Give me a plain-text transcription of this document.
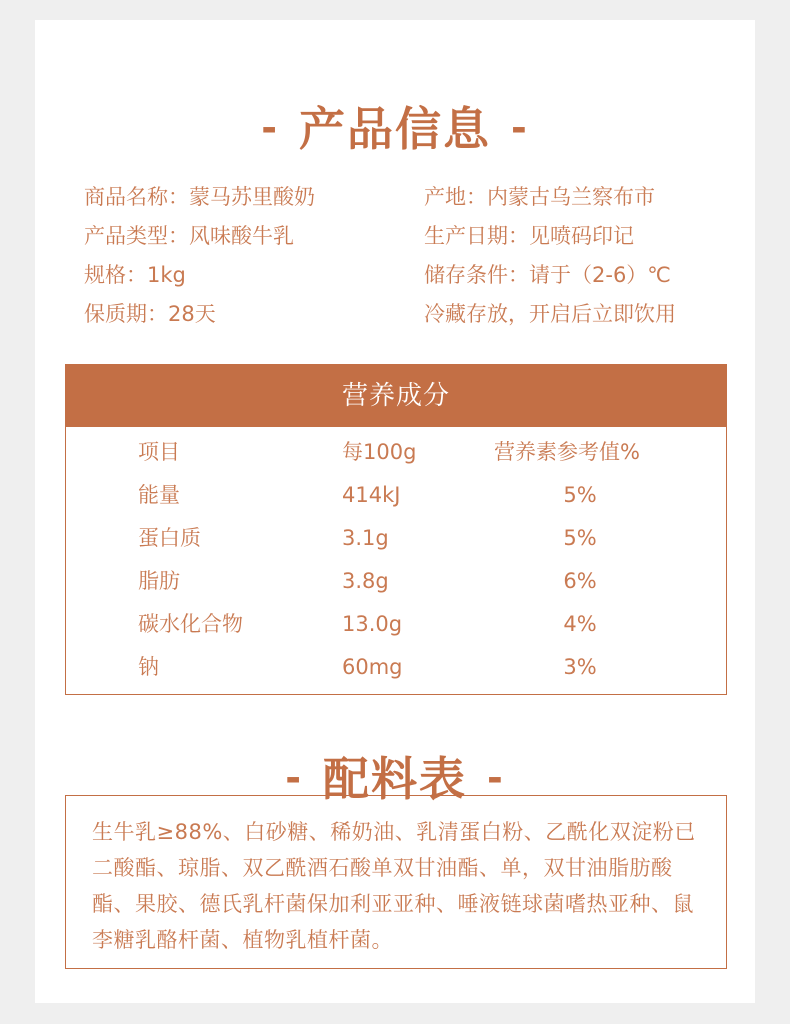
- 产品信息 -
商品名称：蒙马苏里酸奶
产品类型：风味酸牛乳
规格：1kg
保质期：28天
产地：内蒙古乌兰察布市
生产日期：见喷码印记
储存条件：请于（2-6）℃
冷藏存放，开启后立即饮用
营养成分
项目	每100g	营养素参考值%
能量	414kJ	5%
蛋白质	3.1g	5%
脂肪	3.8g	6%
碳水化合物	13.0g	4%
钠	60mg	3%
- 配料表 -
生牛乳≥88%、白砂糖、稀奶油、乳清蛋白粉、乙酰化双淀粉已二酸酯、琼脂、双乙酰酒石酸单双甘油酯、单，双甘油脂肪酸酯、果胶、德氏乳杆菌保加利亚亚种、唾液链球菌嗜热亚种、鼠李糖乳酪杆菌、植物乳植杆菌。
